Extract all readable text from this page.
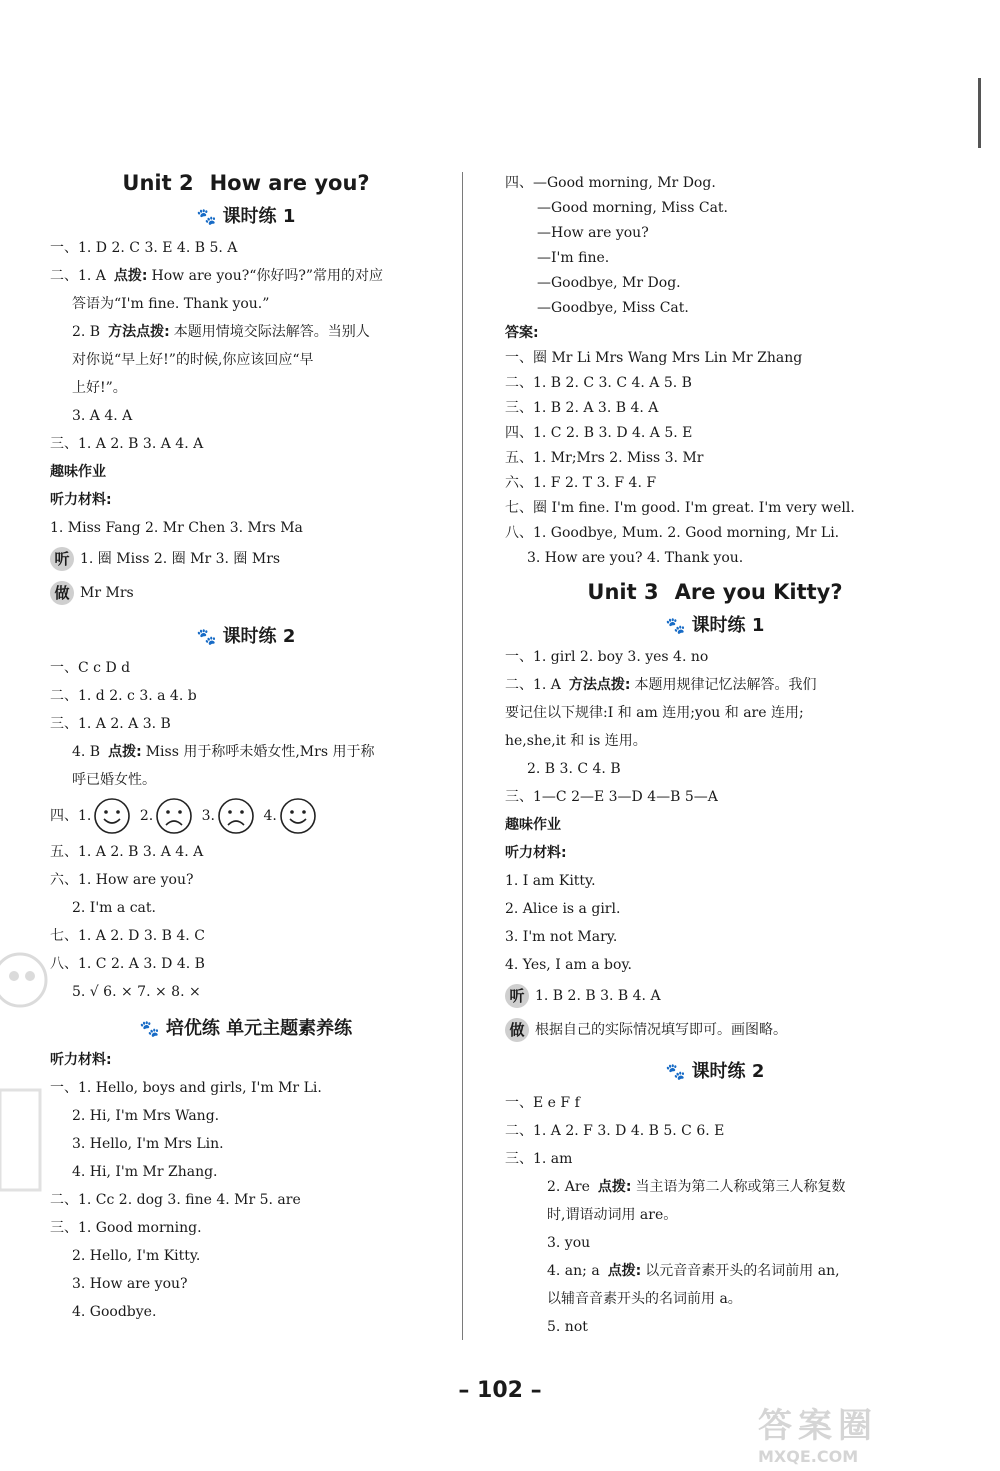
Unit 2 How are you?
🐾 课时练 1
一、1. D 2. C 3. E 4. B 5. A
二、1. A 点拨: How are you?“你好吗?”常用的对应
答语为“I'm fine. Thank you.”
2. B 方法点拨: 本题用情境交际法解答。当别人
对你说“早上好!”的时候,你应该回应“早
上好!”。
3. A 4. A
三、1. A 2. B 3. A 4. A
趣味作业
听力材料:
1. Miss Fang 2. Mr Chen 3. Mrs Ma
听 1. 圈 Miss 2. 圈 Mr 3. 圈 Mrs
做 Mr Mrs
🐾 课时练 2
一、C c D d
二、1. d 2. c 3. a 4. b
三、1. A 2. A 3. B
4. B 点拨: Miss 用于称呼未婚女性,Mrs 用于称
呼已婚女性。
四、1.
	2.
	3.
	4.
五、1. A 2. B 3. A 4. A
六、1. How are you?
2. I'm a cat.
七、1. A 2. D 3. B 4. C
八、1. C 2. A 3. D 4. B
5. √ 6. × 7. × 8. ×
🐾 培优练 单元主题素养练
听力材料:
一、1. Hello, boys and girls, I'm Mr Li.
2. Hi, I'm Mrs Wang.
3. Hello, I'm Mrs Lin.
4. Hi, I'm Mr Zhang.
二、1. Cc 2. dog 3. fine 4. Mr 5. are
三、1. Good morning.
2. Hello, I'm Kitty.
3. How are you?
4. Goodbye.
四、—Good morning, Mr Dog.
—Good morning, Miss Cat.
—How are you?
—I'm fine.
—Goodbye, Mr Dog.
—Goodbye, Miss Cat.
答案:
一、圈 Mr Li Mrs Wang Mrs Lin Mr Zhang
二、1. B 2. C 3. C 4. A 5. B
三、1. B 2. A 3. B 4. A
四、1. C 2. B 3. D 4. A 5. E
五、1. Mr;Mrs 2. Miss 3. Mr
六、1. F 2. T 3. F 4. F
七、圈 I'm fine. I'm good. I'm great. I'm very well.
八、1. Goodbye, Mum. 2. Good morning, Mr Li.
3. How are you? 4. Thank you.
Unit 3 Are you Kitty?
🐾 课时练 1
一、1. girl 2. boy 3. yes 4. no
二、1. A 方法点拨: 本题用规律记忆法解答。我们
要记住以下规律:I 和 am 连用;you 和 are 连用;
he,she,it 和 is 连用。
2. B 3. C 4. B
三、1—C 2—E 3—D 4—B 5—A
趣味作业
听力材料:
1. I am Kitty.
2. Alice is a girl.
3. I'm not Mary.
4. Yes, I am a boy.
听 1. B 2. B 3. B 4. A
做 根据自己的实际情况填写即可。画图略。
🐾 课时练 2
一、E e F f
二、1. A 2. F 3. D 4. B 5. C 6. E
三、1. am
2. Are 点拨: 当主语为第二人称或第三人称复数
时,谓语动词用 are。
3. you
4. an; a 点拨: 以元音音素开头的名词前用 an,
以辅音音素开头的名词前用 a。
5. not
– 102 –
答案圈
MXQE.COM
